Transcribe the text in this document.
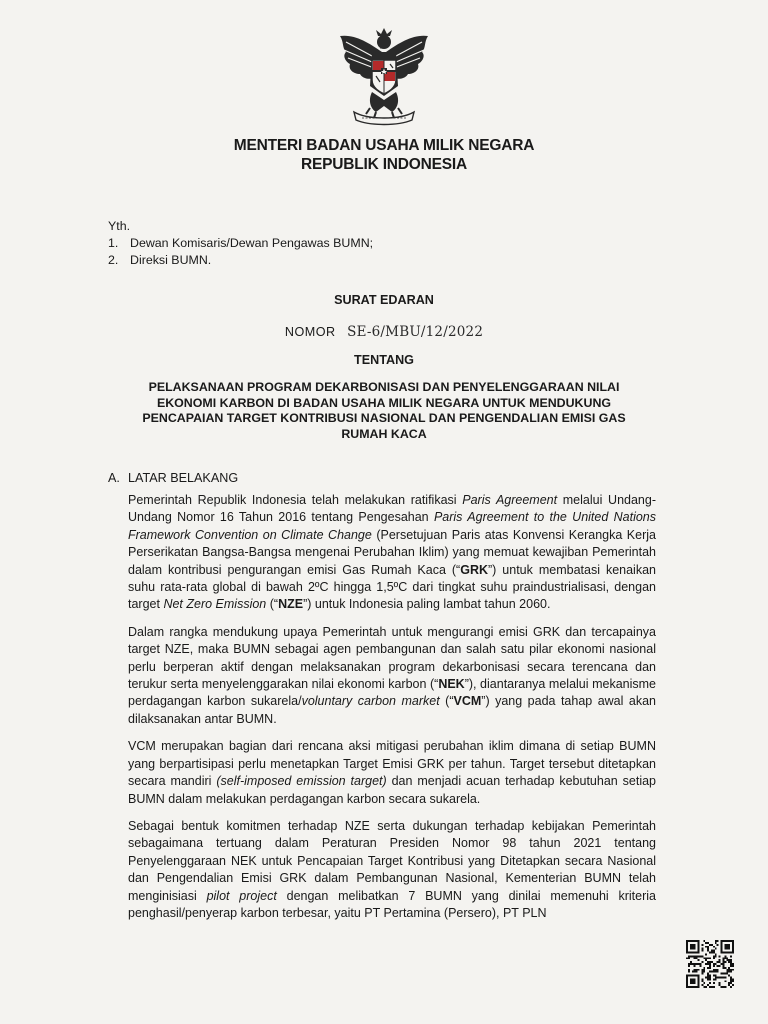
MENTERI BADAN USAHA MILIK NEGARA
REPUBLIK INDONESIA
Yth.
1. Dewan Komisaris/Dewan Pengawas BUMN;
2. Direksi BUMN.
SURAT EDARAN
NOMOR SE-6/MBU/12/2022
TENTANG
PELAKSANAAN PROGRAM DEKARBONISASI DAN PENYELENGGARAAN NILAI
EKONOMI KARBON DI BADAN USAHA MILIK NEGARA UNTUK MENDUKUNG
PENCAPAIAN TARGET KONTRIBUSI NASIONAL DAN PENGENDALIAN EMISI GAS
RUMAH KACA
A. LATAR BELAKANG

Pemerintah Republik Indonesia telah melakukan ratifikasi Paris Agreement melalui Undang-Undang Nomor 16 Tahun 2016 tentang Pengesahan Paris Agreement to the United Nations Framework Convention on Climate Change (Persetujuan Paris atas Konvensi Kerangka Kerja Perserikatan Bangsa-Bangsa mengenai Perubahan Iklim) yang memuat kewajiban Pemerintah dalam kontribusi pengurangan emisi Gas Rumah Kaca (“GRK”) untuk membatasi kenaikan suhu rata-rata global di bawah 2ºC hingga 1,5ºC dari tingkat suhu praindustrialisasi, dengan target Net Zero Emission (“NZE”) untuk Indonesia paling lambat tahun 2060.

Dalam rangka mendukung upaya Pemerintah untuk mengurangi emisi GRK dan tercapainya target NZE, maka BUMN sebagai agen pembangunan dan salah satu pilar ekonomi nasional perlu berperan aktif dengan melaksanakan program dekarbonisasi secara terencana dan terukur serta menyelenggarakan nilai ekonomi karbon (“NEK”), diantaranya melalui mekanisme perdagangan karbon sukarela/voluntary carbon market (“VCM”) yang pada tahap awal akan dilaksanakan antar BUMN.

VCM merupakan bagian dari rencana aksi mitigasi perubahan iklim dimana di setiap BUMN yang berpartisipasi perlu menetapkan Target Emisi GRK per tahun. Target tersebut ditetapkan secara mandiri (self-imposed emission target) dan menjadi acuan terhadap kebutuhan setiap BUMN dalam melakukan perdagangan karbon secara sukarela.

Sebagai bentuk komitmen terhadap NZE serta dukungan terhadap kebijakan Pemerintah sebagaimana tertuang dalam Peraturan Presiden Nomor 98 tahun 2021 tentang Penyelenggaraan NEK untuk Pencapaian Target Kontribusi yang Ditetapkan secara Nasional dan Pengendalian Emisi GRK dalam Pembangunan Nasional, Kementerian BUMN telah menginisiasi pilot project dengan melibatkan 7 BUMN yang dinilai memenuhi kriteria penghasil/penyerap karbon terbesar, yaitu PT Pertamina (Persero), PT PLN
